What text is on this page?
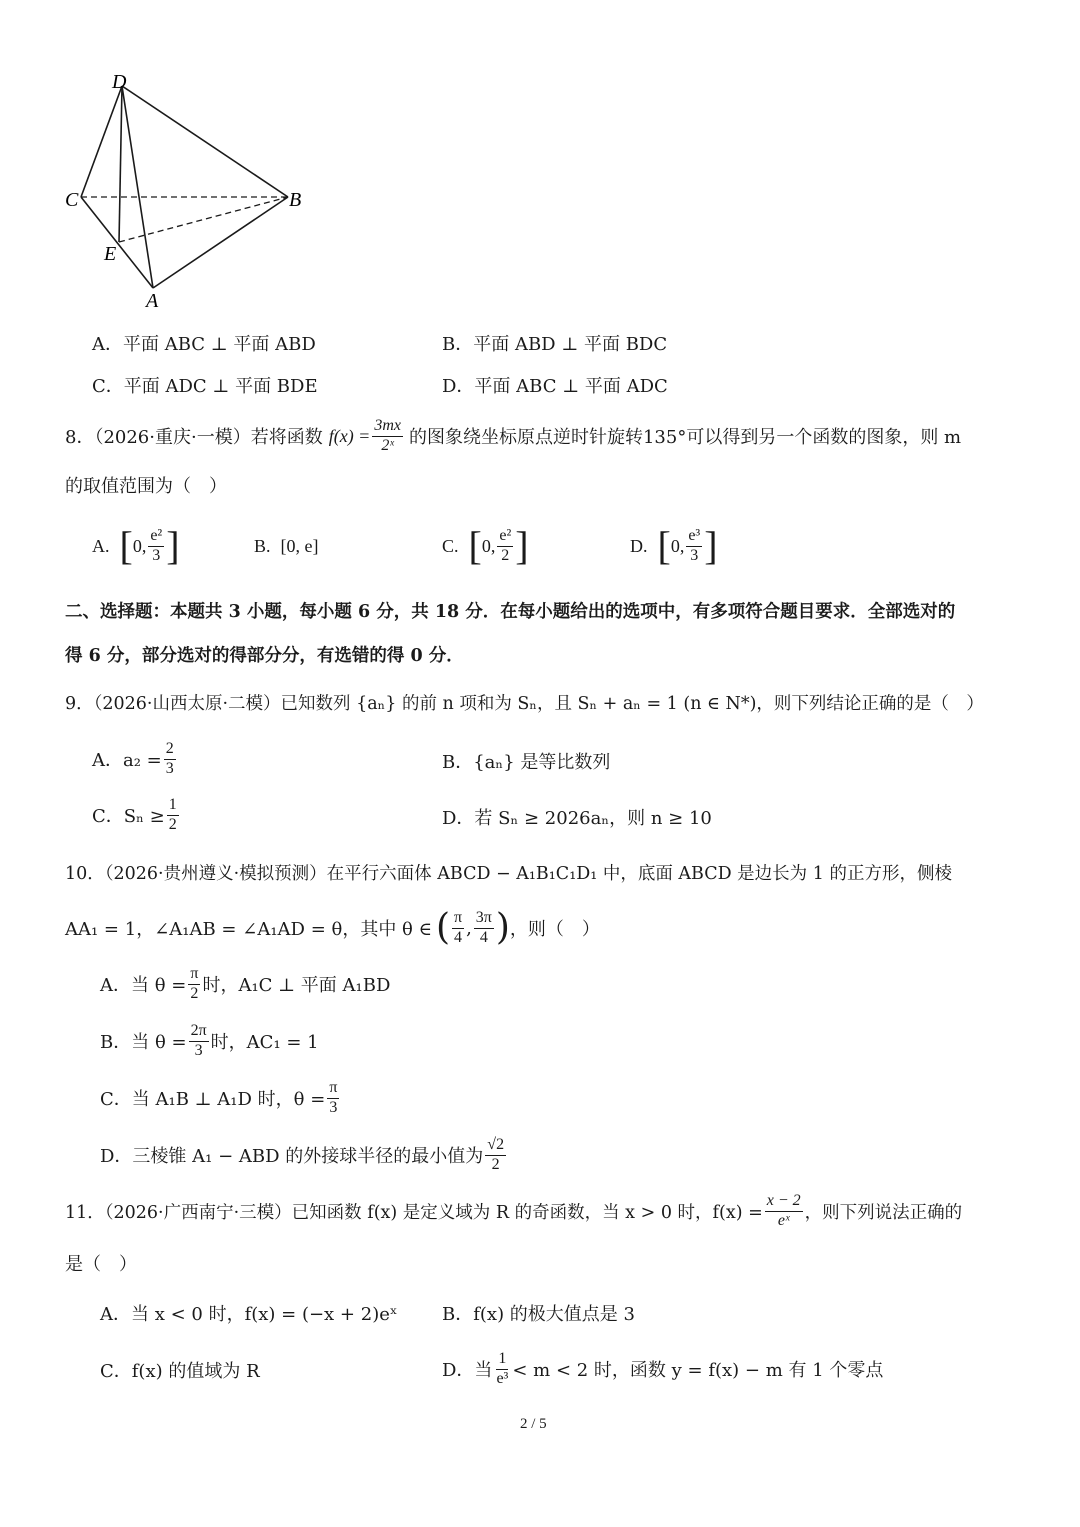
D
C	B
E
A
A．平面 ABC ⊥ 平面 ABD	B．平面 ABD ⊥ 平面 BDC
C．平面 ADC ⊥ 平面 BDE	D．平面 ABC ⊥ 平面 ADC
8．（2026·重庆·一模）若将函数 $f(x) = \frac{3mx}{\text{2ˣ}}$ 的图象绕坐标原点逆时针旋转135°可以得到另一个函数的图象，则 m
的取值范围为（　）
A. [ 0, $\frac{\text{e²}}{3}$ ]	B. [0, e]	C. [ 0, $\frac{\text{e²}}{2}$ ]	D. [ 0, $\frac{\text{e³}}{3}$ ]
二、选择题：本题共 3 小题，每小题 6 分，共 18 分．在每小题给出的选项中，有多项符合题目要求．全部选对的
得 6 分，部分选对的得部分分，有选错的得 0 分．
9．（2026·山西太原·二模）已知数列 {aₙ} 的前 n 项和为 Sₙ，且 Sₙ + aₙ = 1 (n ∈ N*)，则下列结论正确的是（　）
A．$a_2 = \frac{2}{3}$	B．{aₙ} 是等比数列
C．$S_n \ge \frac{1}{2}$	D．若 Sₙ ≥ 2026aₙ，则 n ≥ 10
10．（2026·贵州遵义·模拟预测）在平行六面体 ABCD − A₁B₁C₁D₁ 中，底面 ABCD 是边长为 1 的正方形，侧棱
AA₁ = 1，∠A₁AB = ∠A₁AD = θ，其中 θ ∈ ( $\frac{\pi}{4}$ , $\frac{3\pi}{4}$ ) ，则（　）
A．当 $\theta = \frac{\pi}{2}$ 时，A₁C ⊥ 平面 A₁BD
B．当 $\theta = \frac{2\pi}{3}$ 时，AC₁ = 1
C．当 A₁B ⊥ A₁D 时，$\theta = \frac{\pi}{3}$
D．三棱锥 A₁ − ABD 的外接球半径的最小值为 $\frac{√2}{2}$
11．（2026·广西南宁·三模）已知函数 f(x) 是定义域为 R 的奇函数，当 x > 0 时，$f(x) = \frac{x - 2}{\text{eˣ}}$ ，则下列说法正确的
是（　）
A．当 x < 0 时，f(x) = (−x + 2)eˣ B．f(x) 的极大值点是 3
C．f(x) 的值域为 R	D．当 $\frac{1}{\text{e³}} < m < 2$ 时，函数 y = f(x) − m 有 1 个零点
2 / 5
